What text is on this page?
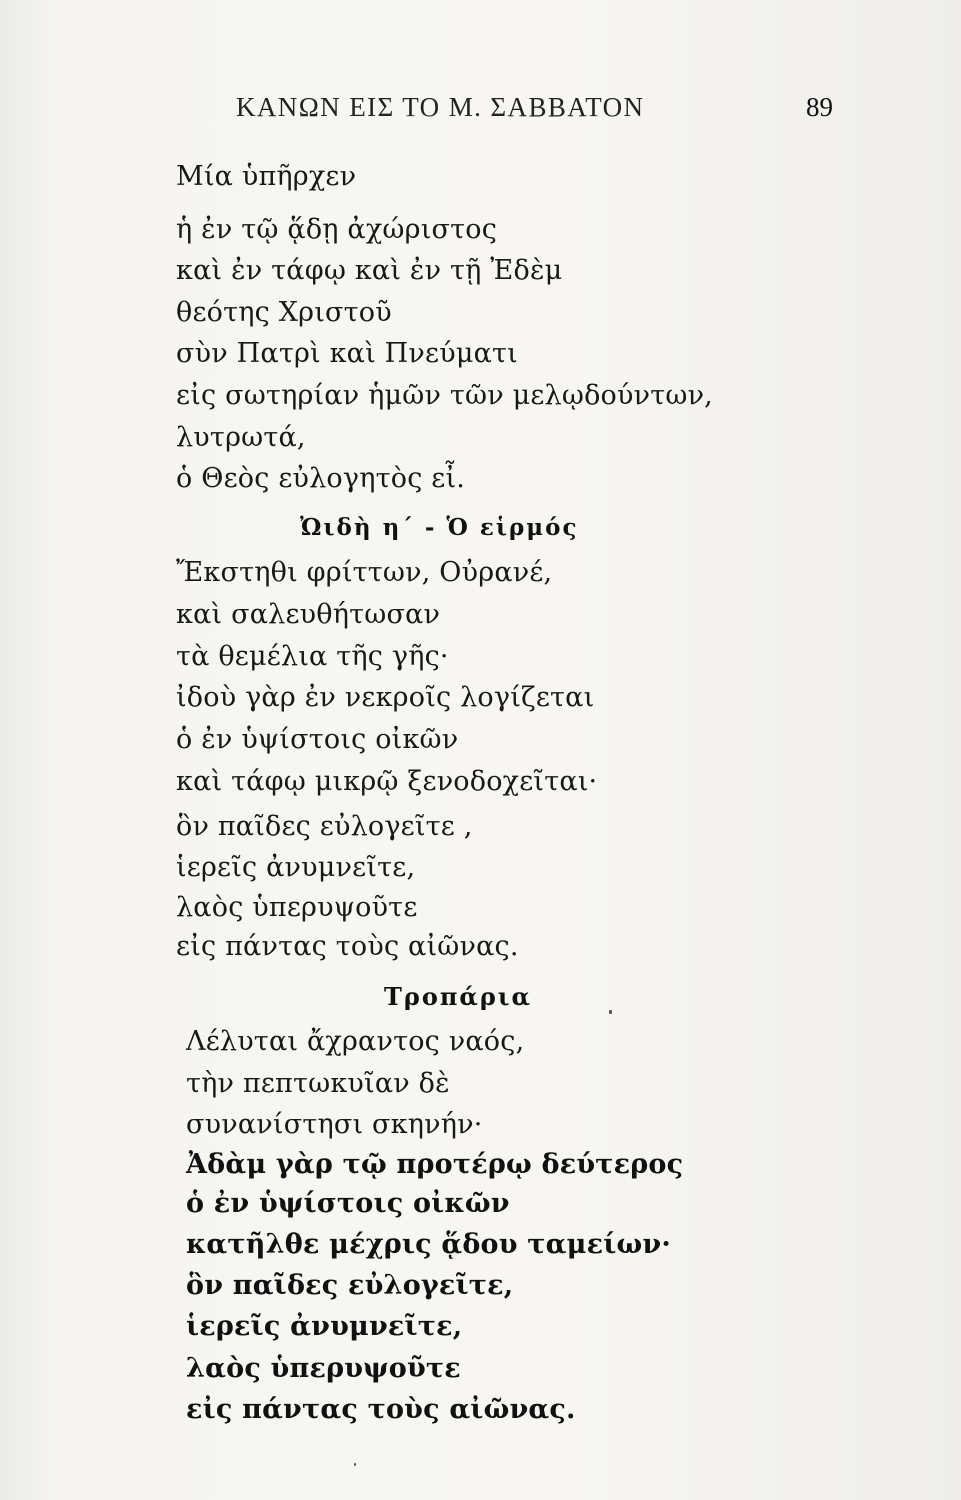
ΚΑΝΩΝ ΕΙΣ ΤΟ Μ. ΣΑΒΒΑΤΟΝ	89
Μία ὑπῆρχεν
ἡ ἐν τῷ ᾅδῃ ἀχώριστος
καὶ ἐν τάφῳ καὶ ἐν τῇ Ἐδὲμ
θεότης Χριστοῦ
σὺν Πατρὶ καὶ Πνεύματι
εἰς σωτηρίαν ἡμῶν τῶν μελῳδούντων,
λυτρωτά,
ὁ Θεὸς εὐλογητὸς εἶ.
Ὠιδὴ η´ - Ὁ εἱρμός
Ἔκστηθι φρίττων, Οὐρανέ,
καὶ σαλευθήτωσαν
τὰ θεμέλια τῆς γῆς·
ἰδοὺ γὰρ ἐν νεκροῖς λογίζεται
ὁ ἐν ὑψίστοις οἰκῶν
καὶ τάφῳ μικρῷ ξενοδοχεῖται·
ὃν παῖδες εὐλογεῖτε ,
ἱερεῖς ἀνυμνεῖτε,
λαὸς ὑπερυψοῦτε
εἰς πάντας τοὺς αἰῶνας.
Τροπάρια
Λέλυται ἄχραντος ναός,
τὴν πεπτωκυῖαν δὲ
συνανίστησι σκηνήν·
Ἀδὰμ γὰρ τῷ προτέρῳ δεύτερος
ὁ ἐν ὑψίστοις οἰκῶν
κατῆλθε μέχρις ᾅδου ταμείων·
ὃν παῖδες εὐλογεῖτε,
ἱερεῖς ἀνυμνεῖτε,
λαὸς ὑπερυψοῦτε
εἰς πάντας τοὺς αἰῶνας.
